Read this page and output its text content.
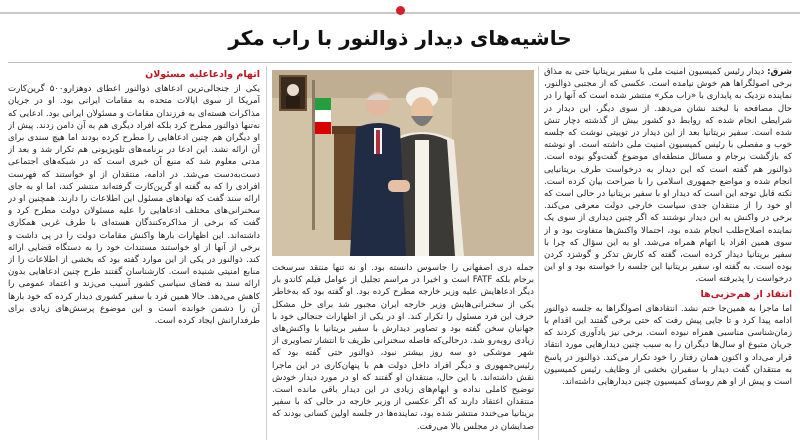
حاشیه‌های دیدار ذوالنور با راب مکر

شرق: دیدار رئیس کمیسیون امنیت ملی با سفیر بریتانیا حتی به مذاق برخی اصولگراها هم خوش نیامده است. عکسی که از مجتبی ذوالنور، نماینده نزدیک به پایداری با «راب مکر» منتشر شده است که آنها را در حال مصافحه با لبخند نشان می‌دهد. از سوی دیگر، این دیدار در شرایطی انجام شده که روابط دو کشور بیش از گذشته دچار تنش شده است. سفیر بریتانیا بعد از این دیدار در توییتی نوشت که جلسه خوب و مفصلی با رئیس کمیسیون امنیت ملی داشته است. او نوشته که بازگشت برجام و مسائل منطقه‌ای موضوع گفت‌وگو بوده است. ذوالنور هم گفته است که این دیدار به درخواست طرف بریتانیایی انجام شده و مواضع جمهوری اسلامی را با صراحت بیان کرده است. نکته قابل توجه این است که دیدار او با سفیر بریتانیا در حالی است که او خود را از منتقدان جدی سیاست خارجی دولت معرفی می‌کند. برخی در واکنش به این دیدار نوشتند که اگر چنین دیداری از سوی یک نماینده اصلاح‌طلب انجام شده بود، احتمالا واکنش‌ها متفاوت بود و از سوی همین افراد با اتهام همراه می‌شد. او به این سؤال که چرا با سفیر بریتانیا دیدار کرده است، گفته که کارش تذکر و گوشزد کردن بوده است. به گفته او، سفیر بریتانیا این جلسه را خواسته بود و او این درخواست را پذیرفته است.

انتقاد از هم‌حزبی‌ها

اما ماجرا به همین‌جا ختم نشد. انتقادهای اصولگراها به جلسه ذوالنور ادامه پیدا کرد و تا جایی پیش رفت که حتی برخی گفتند این اقدام با زمان‌شناسی مناسبی همراه نبوده است. برخی نیز یادآوری کردند که جریان متبوع او سال‌ها دیگران را به سبب چنین دیدارهایی مورد انتقاد قرار می‌داد و اکنون همان رفتار را خود تکرار می‌کند. ذوالنور در پاسخ به منتقدان گفت دیدار با سفیران بخشی از وظایف رئیس کمیسیون است و پیش از او هم روسای کمیسیون چنین دیدارهایی داشته‌اند.

جمله دری اصفهانی را جاسوس دانسته بود. او نه تنها منتقد سرسخت برجام بلکه FATF است و اخیرا در مراسم تجلیل از عوامل فیلم کاندو بار دیگر ادعاهایش علیه وزیر خارجه مطرح کرده بود. او گفته بود که به‌خاطر یکی از سخنرانی‌هایش وزیر خارجه ایران مجبور شد برای حل مشکل حرف این فرد مسئول را تکرار کند. او در یکی از اظهارات جنجالی خود با جهانیان سخن گفته بود و تصاویر دیدارش با سفیر بریتانیا با واکنش‌های زیادی روبه‌رو شد. درحالی‌که فاصله سخنرانی ظریف تا انتشار تصاویری از شهر موشکی دو سه روز بیشتر نبود، ذوالنور حتی گفته بود که رئیس‌جمهوری و دیگر افراد داخل دولت هم با پنهان‌کاری در این ماجرا نقش داشته‌اند. با این حال، منتقدان او گفتند که او در مورد دیدار خودش توضیح کاملی نداده و ابهام‌های زیادی در این دیدار باقی مانده است. منتقدان اعتقاد دارند که اگر عکسی از وزیر خارجه در حالی که با سفیر بریتانیا می‌خندد منتشر شده بود، نماینده‌ها در جلسه اولین کسانی بودند که صدایشان در مجلس بالا می‌رفت.

اتهام وادعاعلیه مسئولان

یکی از جنجالی‌ترین ادعاهای ذوالنور اعطای دوهزارو۵۰۰ گرین‌کارت آمریکا از سوی ایالات متحده به مقامات ایرانی بود. او در جریان مذاکرات هسته‌ای به فرزندان مقامات و مسئولان ایرانی بود. ادعایی که نه‌تنها ذوالنور مطرح کرد بلکه افراد دیگری هم به آن دامن زدند. پیش از او دیگران هم چنین ادعاهایی را مطرح کرده بودند اما هیچ سندی برای آن ارائه نشد. این ادعا در برنامه‌های تلویزیونی هم تکرار شد و بعد از مدتی معلوم شد که منبع آن خبری است که در شبکه‌های اجتماعی دست‌به‌دست می‌شد. در ادامه، منتقدان از او خواستند که فهرست افرادی را که به گفته او گرین‌کارت گرفته‌اند منتشر کند، اما او به جای ارائه سند گفت که نهادهای مسئول این اطلاعات را دارند. همچنین او در سخنرانی‌های مختلف ادعاهایی را علیه مسئولان دولت مطرح کرد و گفت که برخی از مذاکره‌کنندگان هسته‌ای با طرف غربی همکاری داشته‌اند. این اظهارات بارها واکنش مقامات دولت را در پی داشت و برخی از آنها از او خواستند مستندات خود را به دستگاه قضایی ارائه کند. ذوالنور در یکی از این موارد گفته بود که بخشی از اطلاعات را از منابع امنیتی شنیده است. کارشناسان گفتند طرح چنین ادعاهایی بدون ارائه سند به فضای سیاسی کشور آسیب می‌زند و اعتماد عمومی را کاهش می‌دهد. حالا همین فرد با سفیر کشوری دیدار کرده که خود بارها آن را دشمن خوانده است و این موضوع پرسش‌های زیادی برای طرفدارانش ایجاد کرده است.
